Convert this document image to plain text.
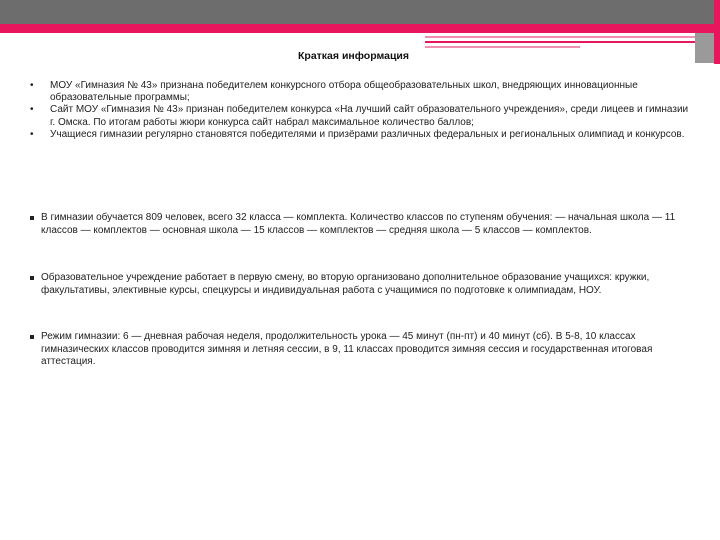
Краткая информация
• МОУ «Гимназия № 43» признана победителем конкурсного отбора общеобразовательных школ, внедряющих инновационные образовательные программы;
• Сайт МОУ «Гимназия № 43» признан победителем конкурса «На лучший сайт образовательного учреждения», среди лицеев и гимназии г. Омска. По итогам работы жюри конкурса сайт набрал максимальное количество баллов;
• Учащиеся гимназии регулярно становятся победителями и призёрами различных федеральных и региональных олимпиад и конкурсов.
В гимназии обучается 809 человек, всего 32 класса — комплекта. Количество классов по ступеням обучения: — начальная школа — 11 классов — комплектов — основная школа — 15 классов — комплектов — средняя школа — 5 классов — комплектов.
Образовательное учреждение работает в первую смену, во вторую организовано дополнительное образование учащихся: кружки, факультативы, элективные курсы, спецкурсы и индивидуальная работа с учащимися по подготовке к олимпиадам, НОУ.
Режим гимназии: 6 — дневная рабочая неделя, продолжительность урока — 45 минут (пн-пт) и 40 минут (сб). В 5-8, 10 классах гимназических классов проводится зимняя и летняя сессии, в 9, 11 классах проводится зимняя сессия и государственная итоговая аттестация.
